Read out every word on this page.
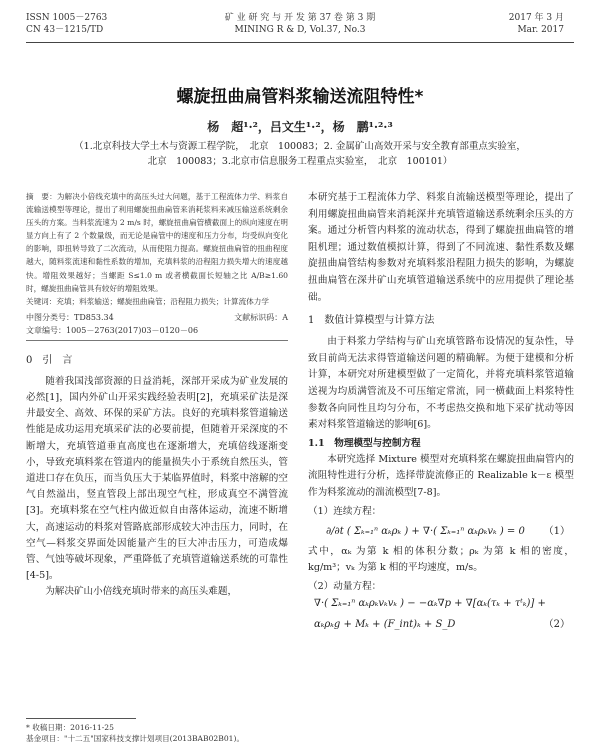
ISSN 1005－2763
CN 43－1215/TD
矿 业 研 究 与 开 发 第 37 卷 第 3 期
MINING R & D, Vol.37, No.3
2017 年 3 月
Mar. 2017
螺旋扭曲扁管料浆输送流阻特性*
杨　超¹·²，吕文生¹·²，杨　鹏¹·²·³
（1.北京科技大学土木与资源工程学院，　北京　100083；2. 金属矿山高效开采与安全教育部重点实验室，
北京　100083；3.北京市信息服务工程重点实验室，　北京　100101）

摘　要：为解决小倍线充填中的高压头过大问题，基于工程流体力学、料浆自流输送模型等理论，提出了利用螺旋扭曲扁管来消耗浆料来减压输送系统剩余压头的方案。当料浆流速为 2 m/s 时，螺旋扭曲扁管横截面上的纵向速度在明显方向上有了 2 个数量级，而无论是扁管中的速度和压力分布，均受纵向变化的影响，即扭转导致了二次流动，从而使阻力提高。螺旋扭曲扁管的扭曲程度越大，随料浆流速和黏性系数的增加，充填料浆的沿程阻力损失增大的速度越快。增阻效果越好；当螺距 S≤1.0 m 或者横截面长短轴之比 A/B≥1.60 时，螺旋扭曲扁管具有较好的增阻效果。

关键词：充填；料浆输送；螺旋扭曲扁管；沿程阻力损失；计算流体力学

中图分类号：TD853.34	文献标识码：A
文章编号：1005－2763(2017)03－0120－06
0　引　言

随着我国浅部资源的日益消耗，深部开采成为矿业发展的必然[1]，国内外矿山开采实践经验表明[2]，充填采矿法是深井最安全、高效、环保的采矿方法。良好的充填料浆管道输送性能是成功运用充填采矿法的必要前提，但随着开采深度的不断增大，充填管道垂直高度也在逐渐增大，充填倍线逐渐变小，导致充填料浆在管道内的能量损失小于系统自然压头，管道进口存在负压，而当负压大于某临界值时，料浆中溶解的空气自然溢出，竖直管段上部出现空气柱，形成真空不满管流[3]。充填料浆在空气柱内做近似自由落体运动，流速不断增大，高速运动的料浆对管路底部形成较大冲击压力，同时，在空气—料浆交界面处因能量产生的巨大冲击压力，可造成爆管、气蚀等破坏现象，严重降低了充填管道输送系统的可靠性[4-5]。

为解决矿山小倍线充填时带来的高压头难题，

本研究基于工程流体力学、料浆自流输送模型等理论，提出了利用螺旋扭曲扁管来消耗深井充填管道输送系统剩余压头的方案。通过分析管内料浆的流动状态，得到了螺旋扭曲扁管的增阻机理；通过数值模拟计算，得到了不同流速、黏性系数及螺旋扭曲扁管结构参数对充填料浆沿程阻力损失的影响，为螺旋扭曲扁管在深井矿山充填管道输送系统中的应用提供了理论基础。

1　数值计算模型与计算方法

由于料浆力学结构与矿山充填管路布设情况的复杂性，导致目前尚无法求得管道输送问题的精确解。为便于建模和分析计算，本研究对所建模型做了一定简化，并将充填料浆管道输送视为均质满管流及不可压缩定常流，同一横截面上料浆特性参数各向同性且均匀分布，不考虑热交换和地下采矿扰动等因素对料浆管道输送的影响[6]。

1.1　物理模型与控制方程

本研究选择 Mixture 模型对充填料浆在螺旋扭曲扁管内的流阻特性进行分析，选择带旋流修正的 Realizable k－ε 模型作为料浆流动的湍流模型[7-8]。

（1）连续方程：
∂/∂t ( Σₖ₌₁ⁿ αₖρₖ ) + ∇·( Σₖ₌₁ⁿ αₖρₖvₖ ) = 0 （1）

式中，αₖ 为第 k 相的体积分数；ρₖ 为第 k 相的密度，kg/m³；vₖ 为第 k 相的平均速度，m/s。

（2）动量方程：
∇·( Σₖ₌₁ⁿ αₖρₖvₖvₖ ) − −αₖ∇p + ∇[αₖ(τₖ + τᵗₖ)] +
αₖρₖg + Mₖ + (F_int)ₖ + S_D	（2）
* 收稿日期：2016-11-25
基金项目："十二五"国家科技支撑计划项目(2013BAB02B01)。
